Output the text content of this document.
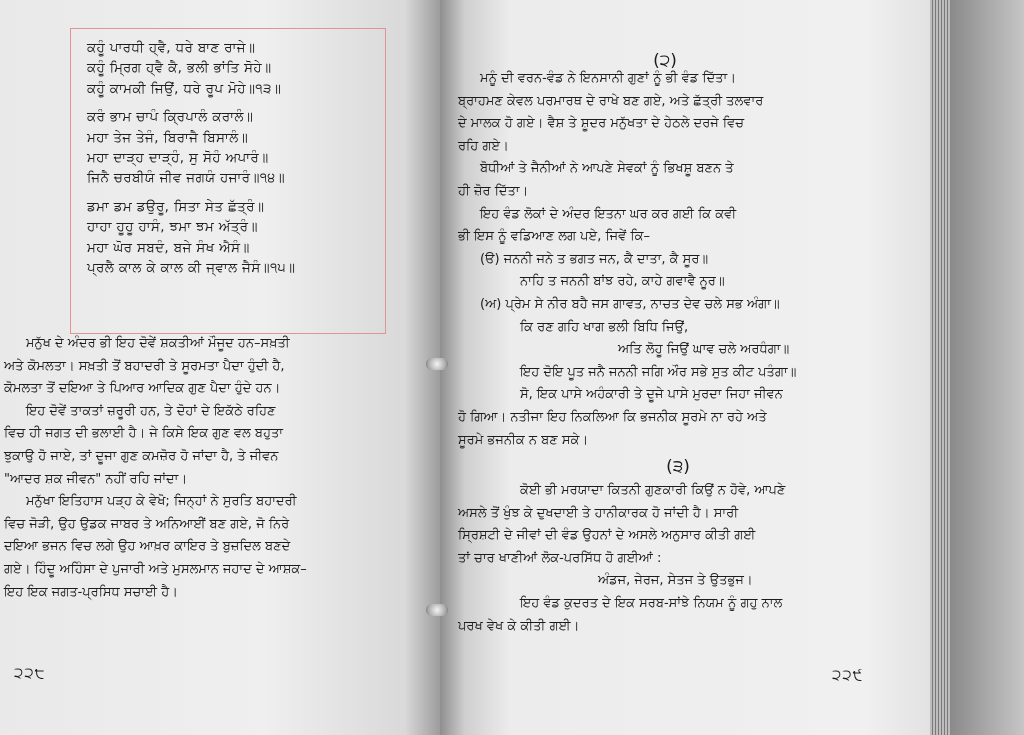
ਕਹੂੰ ਪਾਰਧੀ ਹ੍ਵੈ, ਧਰੇ ਬਾਣ ਰਾਜੇ॥
ਕਹੂੰ ਮ੍ਰਿਗ ਹ੍ਵੈ ਕੈ, ਭਲੀ ਭਾਂਤਿ ਸੋਹੇ॥
ਕਹੂੰ ਕਾਮਕੀ ਜਿਉਂ, ਧਰੇ ਰੂਪ ਮੋਹੇ॥੧੩॥
ਕਰੰ ਭਾਮ ਚਾਪੰ ਕ੍ਰਿਪਾਲੰ ਕਰਾਲੰ॥
ਮਹਾ ਤੇਜ ਤੇਜੰ, ਬਿਰਾਜੈ ਬਿਸਾਲੰ॥
ਮਹਾ ਦਾੜ੍ਹ ਦਾੜ੍ਹੰ, ਸੁ ਸੋਹੰ ਅਪਾਰੰ॥
ਜਿਨੈ ਚਰਬੀਯੰ ਜੀਵ ਜਗਯੰ ਹਜਾਰੰ॥੧੪॥
ਡਮਾ ਡਮ ਡਉਰੂ, ਸਿਤਾ ਸੇਤ ਛੱਤ੍ਰੰ॥
ਹਾਹਾ ਹੂਹੂ ਹਾਸੰ, ਝਮਾ ਝਮ ਅੱਤ੍ਰੰ॥
ਮਹਾ ਘੋਰ ਸਬਦੰ, ਬਜੇ ਸੰਖ ਐਸੰ॥
ਪ੍ਰਲੈ ਕਾਲ ਕੇ ਕਾਲ ਕੀ ਜ੍ਵਾਲ ਜੈਸੰ॥੧੫॥
ਮਨੁੱਖ ਦੇ ਅੰਦਰ ਭੀ ਇਹ ਦੋਵੇਂ ਸ਼ਕਤੀਆਂ ਮੌਜੂਦ ਹਨ–ਸਖ਼ਤੀ
ਅਤੇ ਕੋਮਲਤਾ। ਸਖ਼ਤੀ ਤੋਂ ਬਹਾਦਰੀ ਤੇ ਸੂਰਮਤਾ ਪੈਦਾ ਹੁੰਦੀ ਹੈ,
ਕੋਮਲਤਾ ਤੋਂ ਦਇਆ ਤੇ ਪਿਆਰ ਆਦਿਕ ਗੁਣ ਪੈਦਾ ਹੁੰਦੇ ਹਨ।
ਇਹ ਦੋਵੇਂ ਤਾਕਤਾਂ ਜ਼ਰੂਰੀ ਹਨ, ਤੇ ਦੋਹਾਂ ਦੇ ਇਕੱਠੇ ਰਹਿਣ
ਵਿਚ ਹੀ ਜਗਤ ਦੀ ਭਲਾਈ ਹੈ। ਜੇ ਕਿਸੇ ਇਕ ਗੁਣ ਵਲ ਬਹੁਤਾ
ਝੁਕਾਉ ਹੋ ਜਾਏ, ਤਾਂ ਦੂਜਾ ਗੁਣ ਕਮਜ਼ੋਰ ਹੋ ਜਾਂਦਾ ਹੈ, ਤੇ ਜੀਵਨ
"ਆਦਰ ਸ਼ਕ ਜੀਵਨ" ਨਹੀਂ ਰਹਿ ਜਾਂਦਾ।
ਮਨੁੱਖਾ ਇਤਿਹਾਸ ਪੜ੍ਹ ਕੇ ਵੇਖੋ; ਜਿਨ੍ਹਾਂ ਨੇ ਸੁਰਤਿ ਬਹਾਦਰੀ
ਵਿਚ ਜੋੜੀ, ਉਹ ਉਡਕ ਜਾਬਰ ਤੇ ਅਨਿਆਈਂ ਬਣ ਗਏ, ਜੋ ਨਿਰੇ
ਦਇਆ ਭਜਨ ਵਿਚ ਲਗੇ ਉਹ ਆਖ਼ਰ ਕਾਇਰ ਤੇ ਬੁਜ਼ਦਿਲ ਬਣਦੇ
ਗਏ। ਹਿੰਦੂ ਅਹਿੰਸਾ ਦੇ ਪੁਜਾਰੀ ਅਤੇ ਮੁਸਲਮਾਨ ਜਹਾਦ ਦੇ ਆਸ਼ਕ–
ਇਹ ਇਕ ਜਗਤ-ਪ੍ਰਸਿਧ ਸਚਾਈ ਹੈ।
੨੨੮
(੨)
ਮਨੂੰ ਦੀ ਵਰਨ-ਵੰਡ ਨੇ ਇਨਸਾਨੀ ਗੁਣਾਂ ਨੂੰ ਭੀ ਵੰਡ ਦਿੱਤਾ।
ਬ੍ਰਾਹਮਣ ਕੇਵਲ ਪਰਮਾਰਥ ਦੇ ਰਾਖੇ ਬਣ ਗਏ, ਅਤੇ ਛੱਤ੍ਰੀ ਤਲਵਾਰ
ਦੇ ਮਾਲਕ ਹੋ ਗਏ। ਵੈਸ਼ ਤੇ ਸ਼ੂਦਰ ਮਨੁੱਖਤਾ ਦੇ ਹੇਠਲੇ ਦਰਜੇ ਵਿਚ
ਰਹਿ ਗਏ।
ਬੋਧੀਆਂ ਤੇ ਜੈਨੀਆਂ ਨੇ ਆਪਣੇ ਸੇਵਕਾਂ ਨੂੰ ਭਿਖਸ਼ੂ ਬਣਨ ਤੇ
ਹੀ ਜ਼ੋਰ ਦਿੱਤਾ।
ਇਹ ਵੰਡ ਲੋਕਾਂ ਦੇ ਅੰਦਰ ਇਤਨਾ ਘਰ ਕਰ ਗਈ ਕਿ ਕਵੀ
ਭੀ ਇਸ ਨੂੰ ਵਡਿਆਣ ਲਗ ਪਏ, ਜਿਵੇਂ ਕਿ–
(ੳ) ਜਨਨੀ ਜਨੇ ਤ ਭਗਤ ਜਨ, ਕੈ ਦਾਤਾ, ਕੈ ਸੂਰ॥
ਨਾਹਿ ਤ ਜਨਨੀ ਬਾਂਝ ਰਹੇ, ਕਾਹੇ ਗਵਾਵੈ ਨੂਰ॥
(ਅ) ਪ੍ਰੇਮ ਸੇ ਨੀਰ ਬਹੈ ਜਸ ਗਾਵਤ, ਨਾਚਤ ਦੇਵ ਚਲੇ ਸਭ ਅੰਗਾ॥
ਕਿ ਰਣ ਗਹਿ ਖਾਗ ਭਲੀ ਬਿਧਿ ਜਿਉਂ,
ਅਤਿ ਲੋਹੂ ਜਿਉਂ ਘਾਵ ਚਲੇ ਅਰਧੰਗਾ॥
ਇਹ ਦੋਇ ਪੂਤ ਜਨੈ ਜਨਨੀ ਜਗਿ ਔਰ ਸਭੇ ਸੁਤ ਕੀਟ ਪਤੰਗਾ॥
ਸੋ, ਇਕ ਪਾਸੇ ਅਹੰਕਾਰੀ ਤੇ ਦੂਜੇ ਪਾਸੇ ਮੁਰਦਾ ਜਿਹਾ ਜੀਵਨ
ਹੋ ਗਿਆ। ਨਤੀਜਾ ਇਹ ਨਿਕਲਿਆ ਕਿ ਭਜਨੀਕ ਸੂਰਮੇ ਨਾ ਰਹੇ ਅਤੇ
ਸੂਰਮੇ ਭਜਨੀਕ ਨ ਬਣ ਸਕੇ।
(੩)
ਕੋਈ ਭੀ ਮਰਯਾਦਾ ਕਿਤਨੀ ਗੁਣਕਾਰੀ ਕਿਉਂ ਨ ਹੋਵੇ, ਆਪਣੇ
ਅਸਲੇ ਤੋਂ ਖੁੰਝ ਕੇ ਦੁਖਦਾਈ ਤੇ ਹਾਨੀਕਾਰਕ ਹੋ ਜਾਂਦੀ ਹੈ। ਸਾਰੀ
ਸ੍ਰਿਸ਼ਟੀ ਦੇ ਜੀਵਾਂ ਦੀ ਵੰਡ ਉਹਨਾਂ ਦੇ ਅਸਲੇ ਅਨੁਸਾਰ ਕੀਤੀ ਗਈ
ਤਾਂ ਚਾਰ ਖਾਣੀਆਂ ਲੋਕ-ਪਰਸਿੱਧ ਹੋ ਗਈਆਂ :
ਅੰਡਜ, ਜੇਰਜ, ਸੇਤਜ ਤੇ ਉਤਭੁਜ।
ਇਹ ਵੰਡ ਕੁਦਰਤ ਦੇ ਇਕ ਸਰਬ-ਸਾਂਝੇ ਨਿਯਮ ਨੂੰ ਗਹੁ ਨਾਲ
ਪਰਖ ਵੇਖ ਕੇ ਕੀਤੀ ਗਈ।
੨੨੯
